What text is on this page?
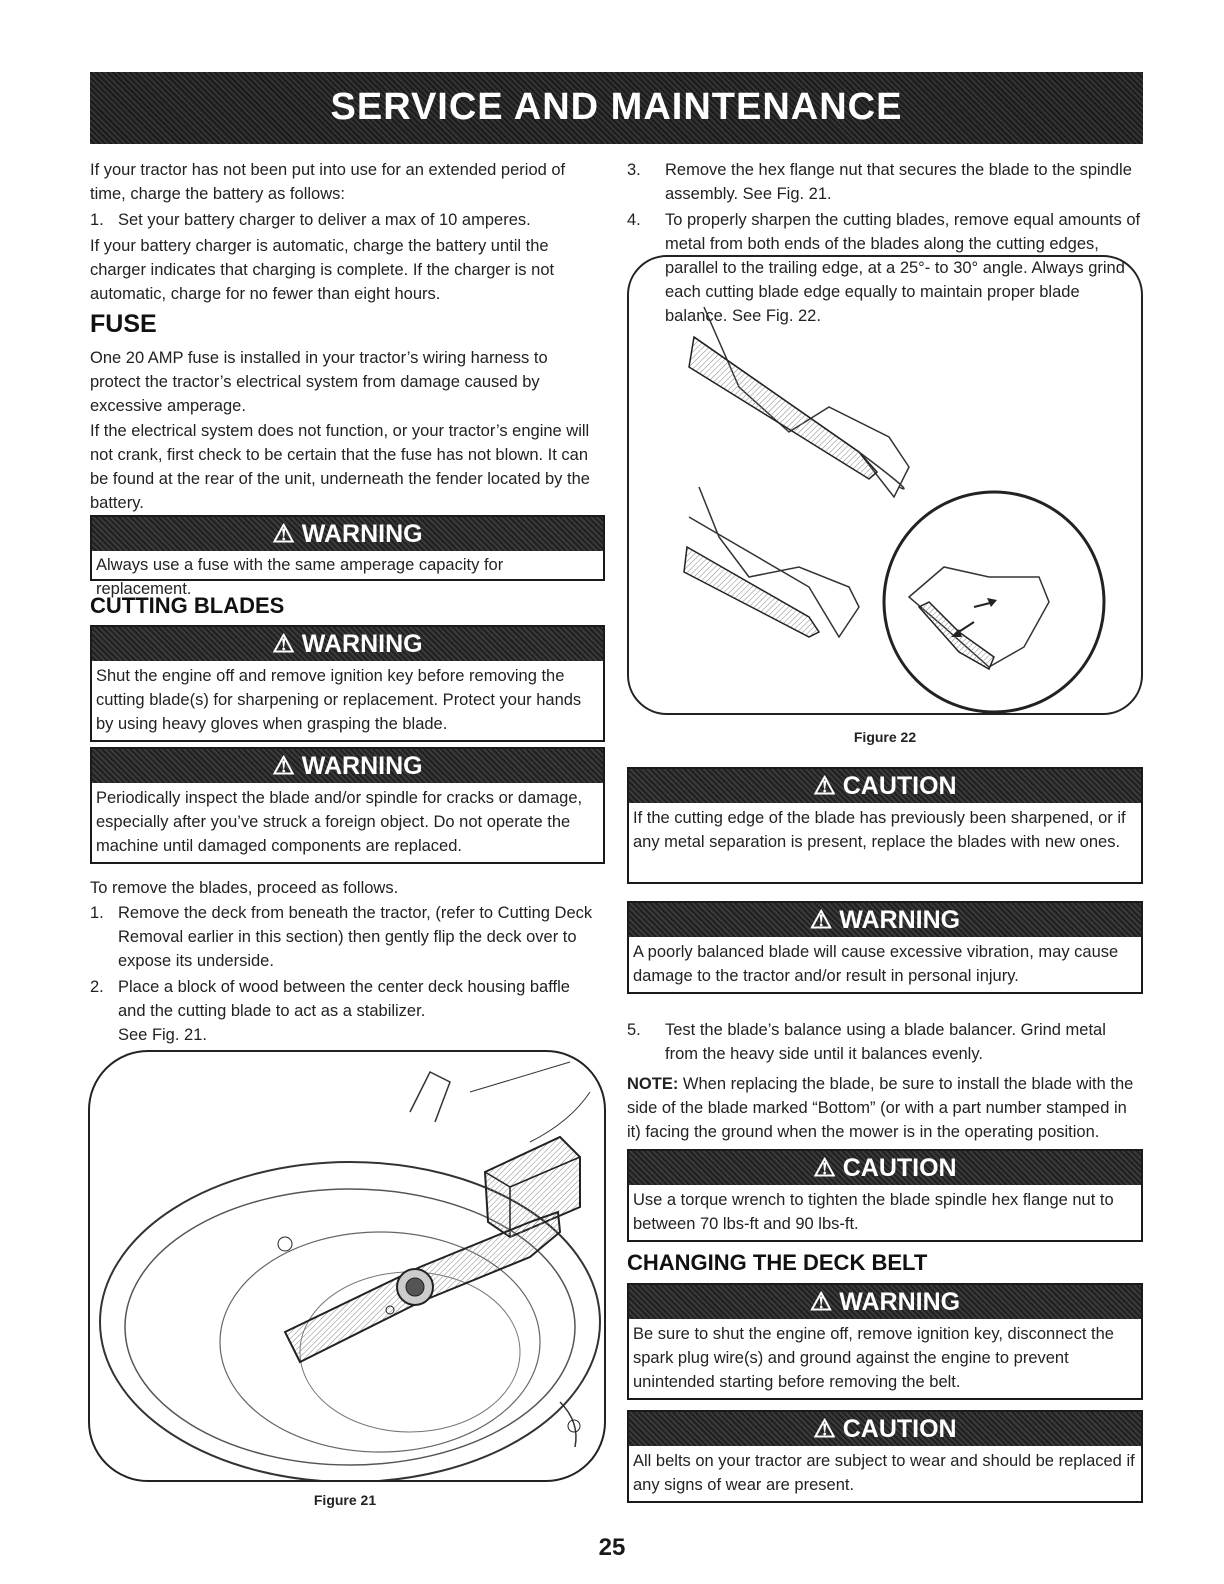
SERVICE AND MAINTENANCE

If your tractor has not been put into use for an extended period of time, charge the battery as follows:

1. Set your battery charger to deliver a max of 10 amperes.

If your battery charger is automatic, charge the battery until the charger indicates that charging is complete. If the charger is not automatic, charge for no fewer than eight hours.

FUSE

One 20 AMP fuse is installed in your tractor’s wiring harness to protect the tractor’s electrical system from damage caused by excessive amperage.

If the electrical system does not function, or your tractor’s engine will not crank, first check to be certain that the fuse has not blown. It can be found at the rear of the unit, underneath the fender located by the battery.

⚠ WARNING
Always use a fuse with the same amperage capacity for replacement.
CUTTING BLADES
⚠ WARNING
Shut the engine off and remove ignition key before removing the cutting blade(s) for sharpening or replacement. Protect your hands by using heavy gloves when grasping the blade.
⚠ WARNING
Periodically inspect the blade and/or spindle for cracks or damage, especially after you’ve struck a foreign object. Do not operate the machine until damaged components are replaced.

To remove the blades, proceed as follows.

1. Remove the deck from beneath the tractor, (refer to Cutting Deck Removal earlier in this section) then gently flip the deck over to expose its underside.
2. Place a block of wood between the center deck housing baffle and the cutting blade to act as a stabilizer.
See Fig. 21.
Figure 21
3.	Remove the hex flange nut that secures the blade to the spindle assembly. See Fig. 21.
4.	To properly sharpen the cutting blades, remove equal amounts of metal from both ends of the blades along the cutting edges, parallel to the trailing edge, at a 25°- to 30° angle. Always grind each cutting blade edge equally to maintain proper blade balance. See Fig. 22.
Figure 22
⚠ CAUTION
If the cutting edge of the blade has previously been sharpened, or if any metal separation is present, replace the blades with new ones.
⚠ WARNING
A poorly balanced blade will cause excessive vibration, may cause damage to the tractor and/or result in personal injury.
5.	Test the blade’s balance using a blade balancer. Grind metal from the heavy side until it balances evenly.

NOTE: When replacing the blade, be sure to install the blade with the side of the blade marked “Bottom” (or with a part number stamped in it) facing the ground when the mower is in the operating position.

⚠ CAUTION
Use a torque wrench to tighten the blade spindle hex flange nut to between 70 lbs-ft and 90 lbs-ft.
CHANGING THE DECK BELT
⚠ WARNING
Be sure to shut the engine off, remove ignition key, disconnect the spark plug wire(s) and ground against the engine to prevent unintended starting before removing the belt.
⚠ CAUTION
All belts on your tractor are subject to wear and should be replaced if any signs of wear are present.
25
